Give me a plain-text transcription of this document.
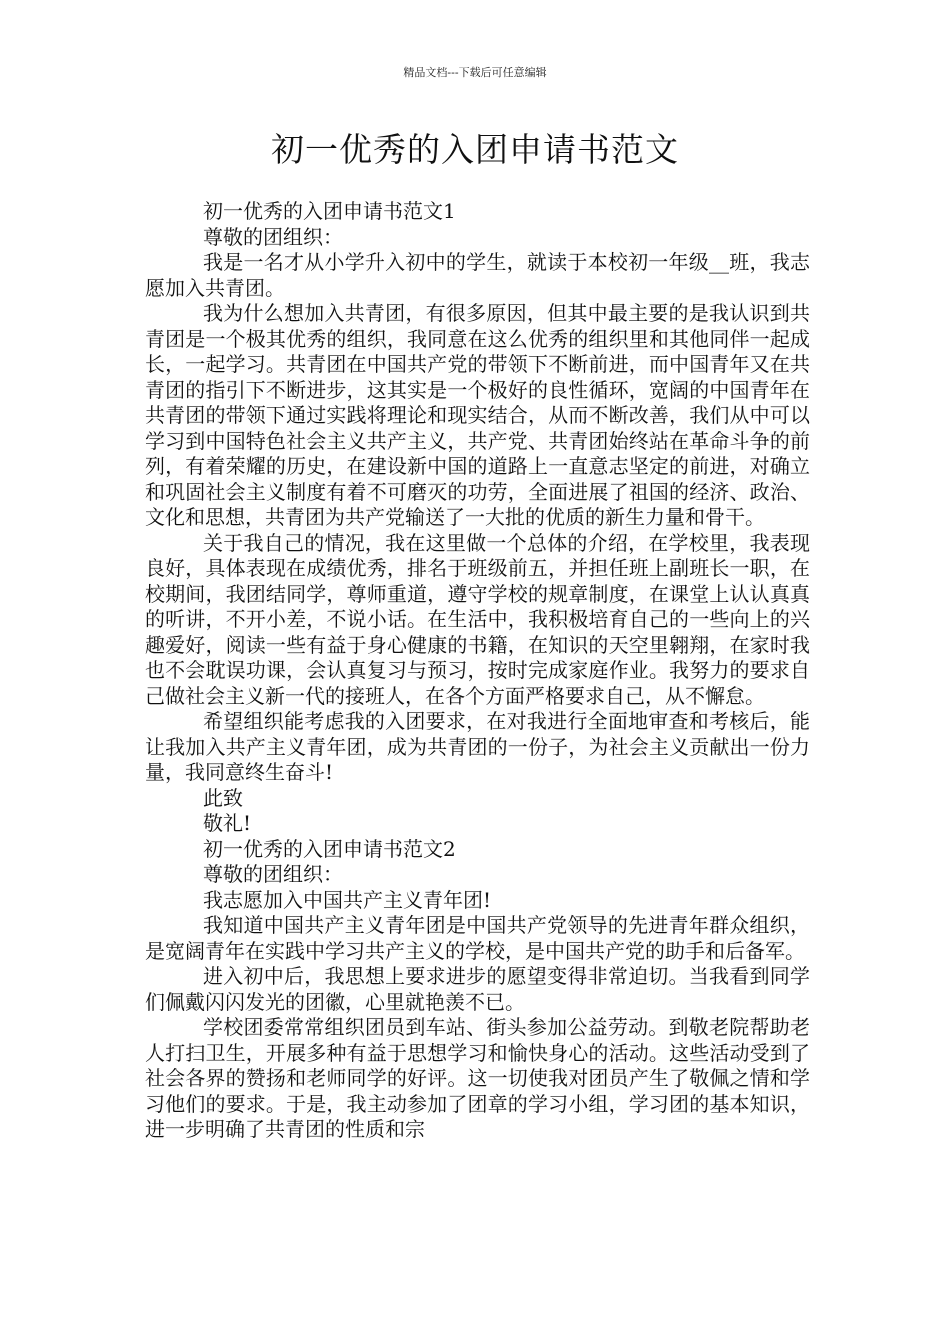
精品文档---下载后可任意编辑
初一优秀的入团申请书范文

初一优秀的入团申请书范文1

尊敬的团组织：

我是一名才从小学升入初中的学生，就读于本校初一年级__班，我志愿加入共青团。

我为什么想加入共青团，有很多原因，但其中最主要的是我认识到共青团是一个极其优秀的组织，我同意在这么优秀的组织里和其他同伴一起成长，一起学习。共青团在中国共产党的带领下不断前进，而中国青年又在共青团的指引下不断进步，这其实是一个极好的良性循环，宽阔的中国青年在共青团的带领下通过实践将理论和现实结合，从而不断改善，我们从中可以学习到中国特色社会主义共产主义，共产党、共青团始终站在革命斗争的前列，有着荣耀的历史，在建设新中国的道路上一直意志坚定的前进，对确立和巩固社会主义制度有着不可磨灭的功劳，全面进展了祖国的经济、政治、文化和思想，共青团为共产党输送了一大批的优质的新生力量和骨干。

关于我自己的情况，我在这里做一个总体的介绍，在学校里，我表现良好，具体表现在成绩优秀，排名于班级前五，并担任班上副班长一职，在校期间，我团结同学，尊师重道，遵守学校的规章制度，在课堂上认认真真的听讲，不开小差，不说小话。在生活中，我积极培育自己的一些向上的兴趣爱好，阅读一些有益于身心健康的书籍，在知识的天空里翱翔，在家时我也不会耽误功课，会认真复习与预习，按时完成家庭作业。我努力的要求自己做社会主义新一代的接班人，在各个方面严格要求自己，从不懈怠。

希望组织能考虑我的入团要求，在对我进行全面地审查和考核后，能让我加入共产主义青年团，成为共青团的一份子，为社会主义贡献出一份力量，我同意终生奋斗!

此致

敬礼!

初一优秀的入团申请书范文2

尊敬的团组织：

我志愿加入中国共产主义青年团!

我知道中国共产主义青年团是中国共产党领导的先进青年群众组织，是宽阔青年在实践中学习共产主义的学校，是中国共产党的助手和后备军。

进入初中后，我思想上要求进步的愿望变得非常迫切。当我看到同学们佩戴闪闪发光的团徽，心里就艳羡不已。

学校团委常常组织团员到车站、街头参加公益劳动。到敬老院帮助老人打扫卫生，开展多种有益于思想学习和愉快身心的活动。这些活动受到了社会各界的赞扬和老师同学的好评。这一切使我对团员产生了敬佩之情和学习他们的要求。于是，我主动参加了团章的学习小组，学习团的基本知识，进一步明确了共青团的性质和宗
